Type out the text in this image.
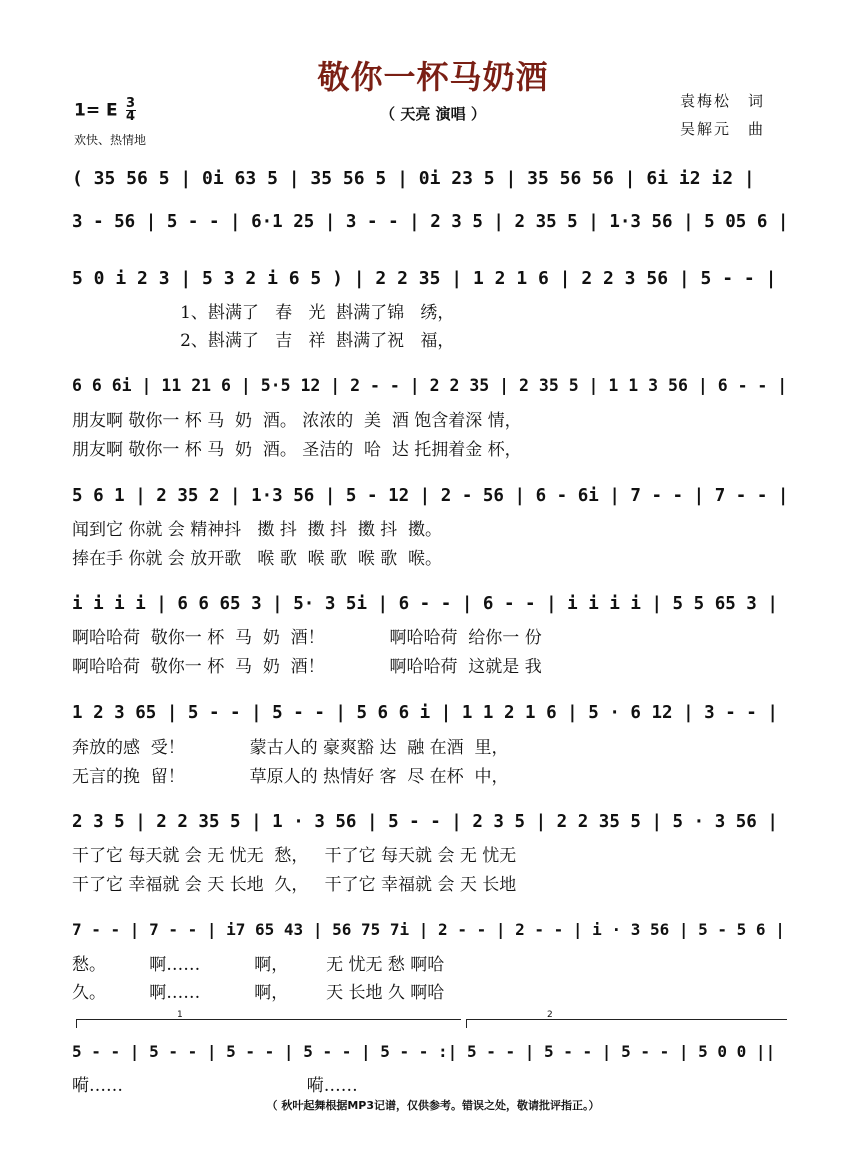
敬你一杯马奶酒
（ 天亮 演唱 ）
1= E $\frac{3}{4}$
欢快、热情地
袁梅松　词
吴解元　曲
( 35 56 5 | 0i 63 5 | 35 56 5 | 0i 23 5 | 35 56 56 | 6i i2 i2 |
3 - 56 | 5 - - | 6·1 25 | 3 - - | 2 3 5 | 2 35 5 | 1·3 56 | 5 05 6 |
5 0 i 2 3 | 5 3 2 i 6 5 ) | 2 2 35 | 1 2 1 6 | 2 2 3 56 | 5 - - |
1、斟满了   春   光  斟满了锦   绣，
2、斟满了   吉   祥  斟满了祝   福，
6 6 6i | 11 21 6 | 5·5 12 | 2 - - | 2 2 35 | 2 35 5 | 1 1 3 56 | 6 - - |
朋友啊 敬你一 杯 马  奶  酒。 浓浓的  美  酒 饱含着深 情，
朋友啊 敬你一 杯 马  奶  酒。 圣洁的  哈  达 托拥着金 杯，
5 6 1 | 2 35 2 | 1·3 56 | 5 - 12 | 2 - 56 | 6 - 6i | 7 - - | 7 - - |
闻到它 你就 会 精神抖   擞 抖  擞 抖  擞 抖  擞。
捧在手 你就 会 放开歌   喉 歌  喉 歌  喉 歌  喉。
i i i i | 6 6 65 3 | 5· 3 5i | 6 - - | 6 - - | i i i i | 5 5 65 3 |
啊哈哈荷  敬你一 杯  马  奶  酒！            啊哈哈荷  给你一 份
啊哈哈荷  敬你一 杯  马  奶  酒！            啊哈哈荷  这就是 我
1 2 3 65 | 5 - - | 5 - - | 5 6 6 i | 1 1 2 1 6 | 5 · 6 12 | 3 - - |
奔放的感  受！            蒙古人的 豪爽豁 达  融 在酒  里，
无言的挽  留！            草原人的 热情好 客  尽 在杯  中，
2 3 5 | 2 2 35 5 | 1 · 3 56 | 5 - - | 2 3 5 | 2 2 35 5 | 5 · 3 56 |
干了它 每天就 会 无 忧无  愁，   干了它 每天就 会 无 忧无
干了它 幸福就 会 天 长地  久，   干了它 幸福就 会 天 长地
7 - - | 7 - - | i7 65 43 | 56 75 7i | 2 - - | 2 - - | i · 3 56 | 5 - 5 6 |
愁。        啊……          啊，       无 忧无 愁 啊哈
久。        啊……          啊，       天 长地 久 啊哈
1	2
5 - - | 5 - - | 5 - - | 5 - - | 5 - - :| 5 - - | 5 - - | 5 - - | 5 0 0 ||
嗬……                                  嗬……
（ 秋叶起舞根据MP3记谱，仅供参考。错误之处，敬请批评指正。）
